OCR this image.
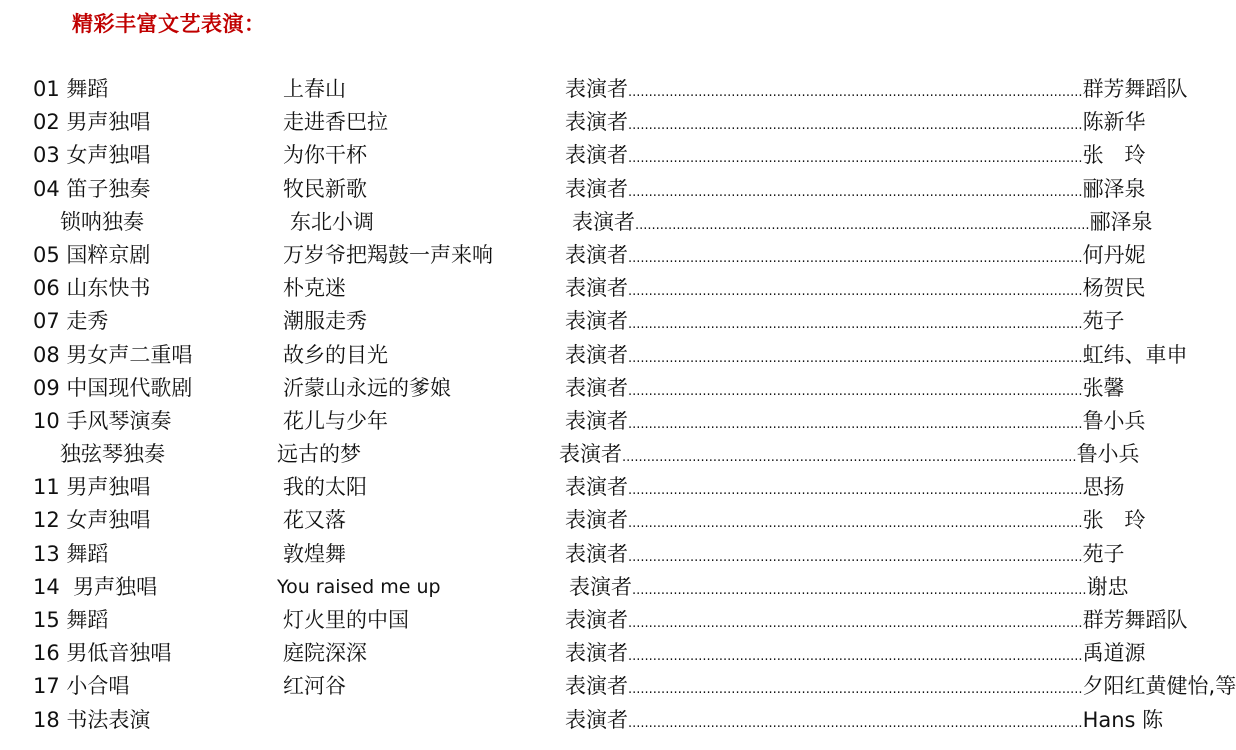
精彩丰富文艺表演：
01 舞蹈	上春山	表演者 .............................................................................................................. 群芳舞蹈队
02 男声独唱	走进香巴拉	表演者 .............................................................................................................. 陈新华
03 女声独唱	为你干杯	表演者 .............................................................................................................. 张　玲
04 笛子独奏	牧民新歌	表演者 .............................................................................................................. 郦泽泉
锁呐独奏	东北小调	表演者 .............................................................................................................. 郦泽泉
05 国粹京剧	万岁爷把羯鼓一声来响	表演者 .............................................................................................................. 何丹妮
06 山东快书	朴克迷	表演者 .............................................................................................................. 杨贺民
07 走秀	潮服走秀	表演者 .............................................................................................................. 苑子
08 男女声二重唱	故乡的目光	表演者 .............................................................................................................. 虹纬、車申
09 中国现代歌剧	沂蒙山永远的爹娘	表演者 .............................................................................................................. 张馨
10 手风琴演奏	花儿与少年	表演者 .............................................................................................................. 鲁小兵
独弦琴独奏	远古的梦	表演者 .............................................................................................................. 鲁小兵
11 男声独唱	我的太阳	表演者 .............................................................................................................. 思扬
12 女声独唱	花又落	表演者 .............................................................................................................. 张　玲
13 舞蹈	敦煌舞	表演者 .............................................................................................................. 苑子
14  男声独唱	You raised me up	表演者 .............................................................................................................. 谢忠
15 舞蹈	灯火里的中国	表演者 .............................................................................................................. 群芳舞蹈队
16 男低音独唱	庭院深深	表演者 .............................................................................................................. 禹道源
17 小合唱	红河谷	表演者 .............................................................................................................. 夕阳红黄健怡,等
18 书法表演	表演者 .............................................................................................................. Hans 陈
